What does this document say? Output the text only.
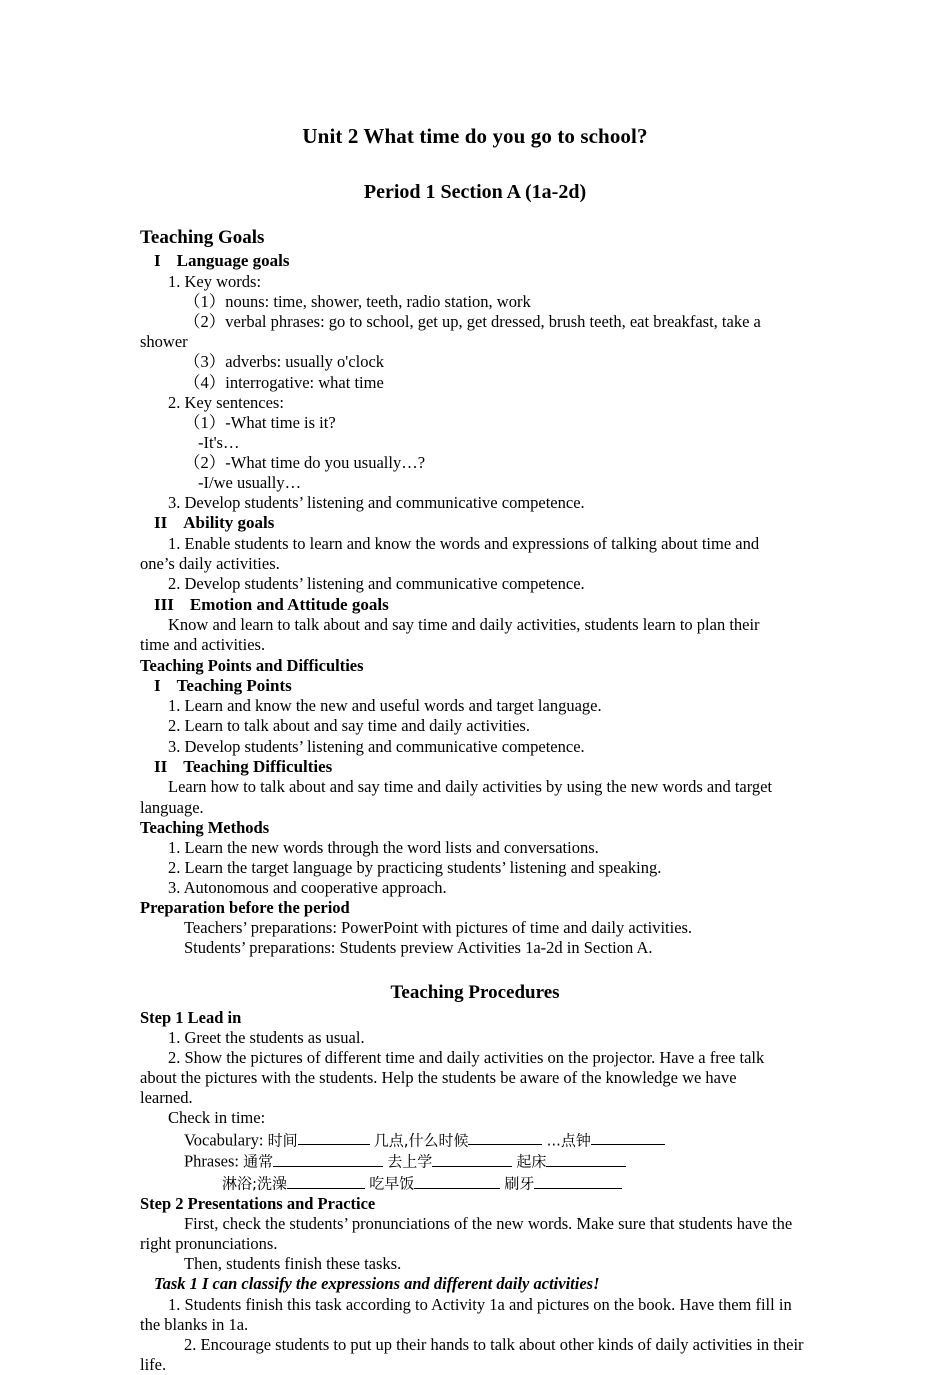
Unit 2 What time do you go to school?
Period 1 Section A (1a-2d)
Teaching Goals

I Language goals

1. Key words:

（1）nouns: time, shower, teeth, radio station, work

（2）verbal phrases: go to school, get up, get dressed, brush teeth, eat breakfast, take a

shower

（3）adverbs: usually o'clock

（4）interrogative: what time

2. Key sentences:

（1）-What time is it?

-It's…

（2）-What time do you usually…?

-I/we usually…

3. Develop students’ listening and communicative competence.

II Ability goals

1. Enable students to learn and know the words and expressions of talking about time and

one’s daily activities.

2. Develop students’ listening and communicative competence.

III Emotion and Attitude goals

Know and learn to talk about and say time and daily activities, students learn to plan their

time and activities.

Teaching Points and Difficulties

I Teaching Points

1. Learn and know the new and useful words and target language.

2. Learn to talk about and say time and daily activities.

3. Develop students’ listening and communicative competence.

II Teaching Difficulties

Learn how to talk about and say time and daily activities by using the new words and target

language.

Teaching Methods

1. Learn the new words through the word lists and conversations.

2. Learn the target language by practicing students’ listening and speaking.

3. Autonomous and cooperative approach.

Preparation before the period

Teachers’ preparations: PowerPoint with pictures of time and daily activities.

Students’ preparations: Students preview Activities 1a-2d in Section A.

Teaching Procedures

Step 1 Lead in

1. Greet the students as usual.

2. Show the pictures of different time and daily activities on the projector. Have a free talk

about the pictures with the students. Help the students be aware of the knowledge we have

learned.

Check in time:

Vocabulary: 时间	几点,什么时候	...点钟

Phrases: 通常	去上学	起床

淋浴;洗澡	吃早饭	刷牙

Step 2 Presentations and Practice

First, check the students’ pronunciations of the new words. Make sure that students have the

right pronunciations.

Then, students finish these tasks.

Task 1 I can classify the expressions and different daily activities!

1. Students finish this task according to Activity 1a and pictures on the book. Have them fill in

the blanks in 1a.

2. Encourage students to put up their hands to talk about other kinds of daily activities in their

life.
